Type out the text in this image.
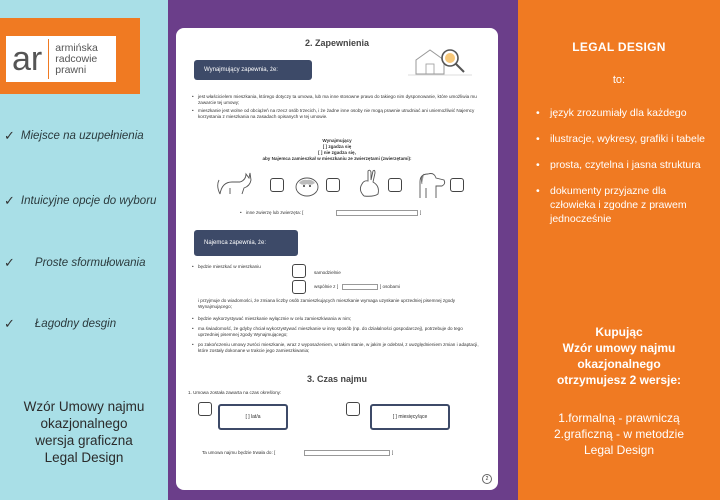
ar	armińska
radcowie
prawni
✓ Miejsce na uzupełnienia
✓ Intuicyjne opcje do wyboru
✓ Proste sformułowania
✓ Łagodny desgin
Wzór Umowy najmu
okazjonalnego
wersja graficzna
Legal Design
2. Zapewnienia
Wynajmujący zapewnia, że:
• jest właścicielem mieszkania, którego dotyczy ta umowa, lub ma inne stosowne prawo do takiego nim dysponowanie, które umożliwia mu zawarcie tej umowy;
• mieszkanie jest wolne od obciążeń na rzecz osób trzecich, i że żadne inne osoby nie mogą prawnie utrudniać ani uniemożliwić Najemcy korzystania z mieszkania na zasadach opisanych w tej umowie.
Wynajmujący
[ ] zgadza się
[ ] nie zgadza się,
aby Najemca zamieszkał w mieszkaniu ze zwierzętami (zwierzętami):
• inne zwierzę lub zwierzęta: [	]
Najemca zapewnia, że:
• będzie mieszkać w mieszkaniu
samodzielnie
wspólnie z [	] osobami
i przyjmuje do wiadomości, że zmiana liczby osób zamieszkujących mieszkanie wymaga uzyskanie uprzedniej pisemnej zgody Wynajmującego;
• będzie wykorzystywać mieszkanie wyłącznie w celu zamieszkiwania w nim;
• ma świadomość, że gdyby chciał wykorzystywać mieszkanie w inny sposób (np. do działalności gospodarczej), potrzebuje do tego uprzedniej pisemnej zgody Wynajmującego;
• po zakończeniu umowy zwróci mieszkanie, wraz z wyposażeniem, w takim stanie, w jakim je odebrał, z uwzględnieniem zmian i adaptacji, które zostały dokonane w trakcie jego zamieszkiwania;
3. Czas najmu
1. Umowa została zawarta na czas określony:
[ ] lat/a	[ ] miesięcy/ące
Ta umowa najmu będzie trwała do: [	]
2
LEGAL DESIGN
to:
• język zrozumiały dla każdego
• ilustracje, wykresy, grafiki i tabele
• prosta, czytelna i jasna struktura
• dokumenty przyjazne dla człowieka i zgodne z prawem jednocześnie
Kupując
Wzór umowy najmu
okazjonalnego
otrzymujesz 2 wersje:
1.formalną - prawniczą
2.graficzną - w metodzie
Legal Design
